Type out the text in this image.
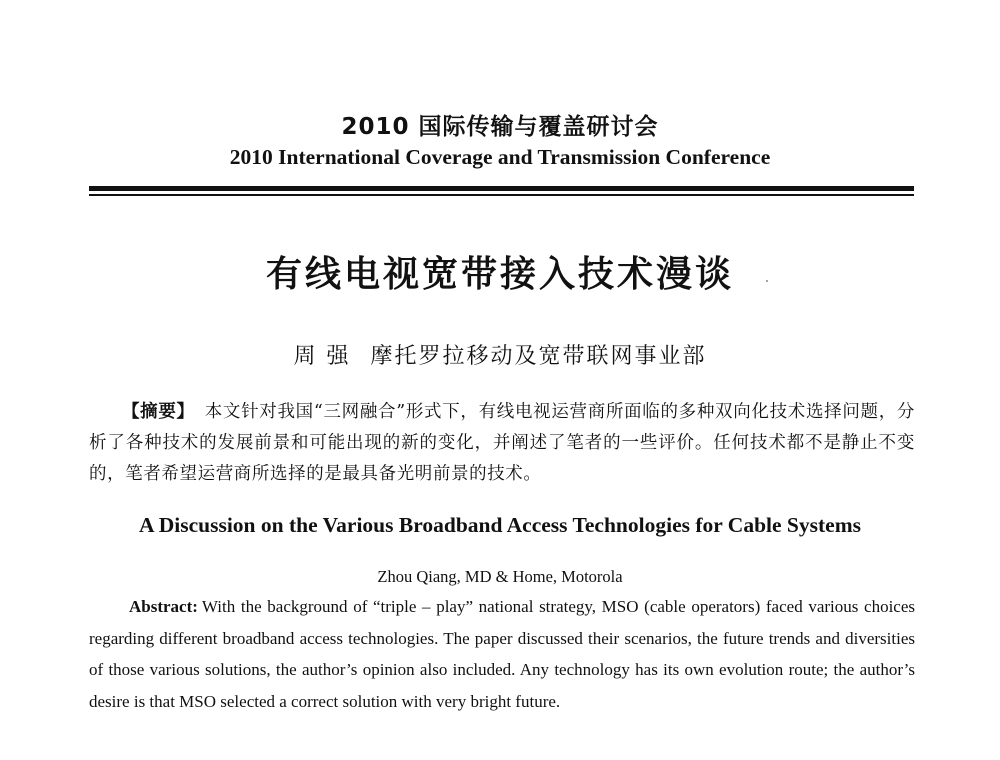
2010 国际传输与覆盖研讨会
2010 International Coverage and Transmission Conference
有线电视宽带接入技术漫谈
周 强 摩托罗拉移动及宽带联网事业部
【摘要】 本文针对我国“三网融合”形式下，有线电视运营商所面临的多种双向化技术选择问题，分析了各种技术的发展前景和可能出现的新的变化，并阐述了笔者的一些评价。任何技术都不是静止不变的，笔者希望运营商所选择的是最具备光明前景的技术。
A Discussion on the Various Broadband Access Technologies for Cable Systems
Zhou Qiang, MD & Home, Motorola
Abstract: With the background of “triple – play” national strategy, MSO (cable operators) faced various choices regarding different broadband access technologies. The paper discussed their scenarios, the future trends and diversities of those various solutions, the author’s opinion also included. Any technology has its own evolution route; the author’s desire is that MSO selected a correct solution with very bright future.
